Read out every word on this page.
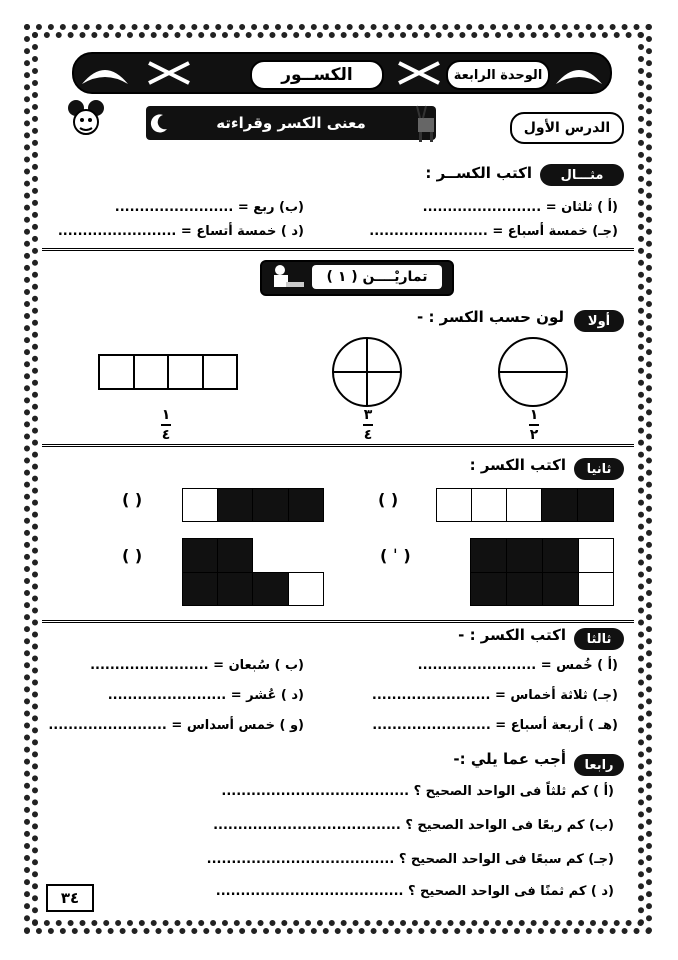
الوحدة الرابعة
الكســور
معنى الكسر وقراءته	الدرس الأول
مثـــال
اكتب الكســر :
(أ ) ثلثان = ........................
(ب) ربع = ........................
(جـ) خمسة أسباع = ........................
(د ) خمسة أتساع = ........................
تماريْــــن ( ١ )
أولا
لون حسب الكسر : -
١
٢
٣
٤
١
٤
ثانيا
اكتب الكسر :
( )
( )
( ˈ )
( )
ثالثا
اكتب الكسر : -
(أ ) خُمس = ........................
(ب ) سُبعان = ........................
(جـ) ثلاثة أخماس = ........................
(د ) عُشر = ........................
(هـ ) أربعة أسباع = ........................
(و ) خمس أسداس = ........................
رابعا
أجب عما يلي :-
(أ ) كم ثلثاً فى الواحد الصحيح ؟ ......................................
(ب) كم ربعًا فى الواحد الصحيح ؟ ......................................
(جـ) كم سبعًا فى الواحد الصحيح ؟ ......................................
(د ) كم ثمنًا فى الواحد الصحيح ؟ ......................................
٣٤
